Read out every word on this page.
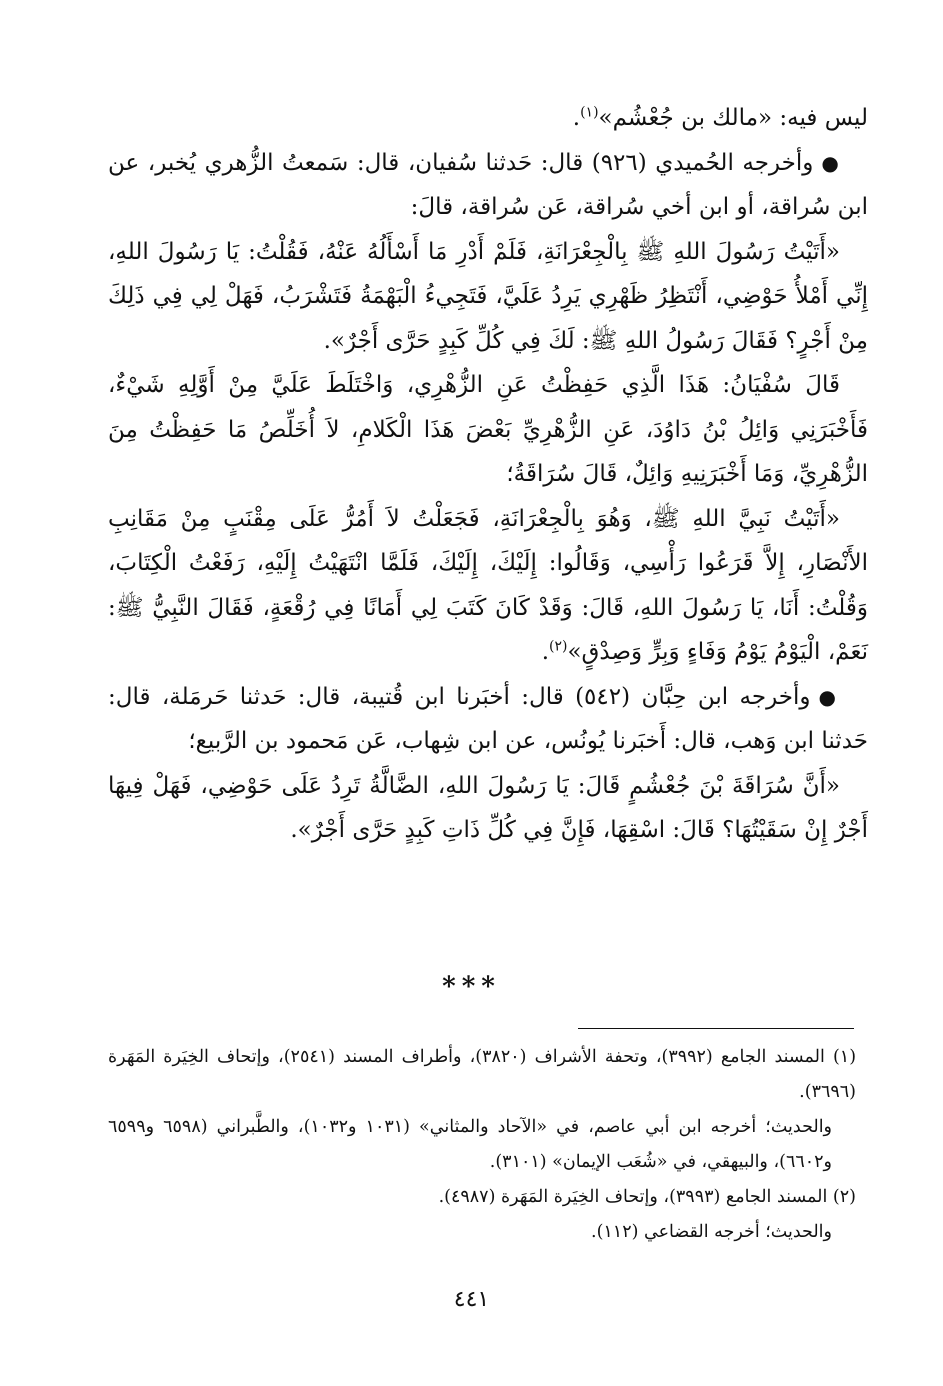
ليس فيه: «مالك بن جُعْشُم»$^{(١)}$.

●وأخرجه الحُميدي (٩٢٦) قال: حَدثنا سُفيان، قال: سَمعتُ الزُّهري يُخبر، عن ابن سُراقة، أو ابن أخي سُراقة، عَن سُراقة، قالَ:

«أَتَيْتُ رَسُولَ اللهِ ﷺ بِالْجِعْرَانَةِ، فَلَمْ أَدْرِ مَا أَسْأَلُهُ عَنْهُ، فَقُلْتُ: يَا رَسُولَ اللهِ، إِنِّي أَمْلأُ حَوْضِي، أَنْتَظِرُ ظَهْرِي يَرِدُ عَلَيَّ، فَتَجِيءُ الْبَهْمَةُ فَتَشْرَبُ، فَهَلْ لِي فِي ذَلِكَ مِنْ أَجْرٍ؟ فَقَالَ رَسُولُ اللهِ ﷺ: لَكَ فِي كُلِّ كَبِدٍ حَرَّى أَجْرٌ».

قَالَ سُفْيَانُ: هَذَا الَّذِي حَفِظْتُ عَنِ الزُّهْرِي، وَاخْتَلَطَ عَلَيَّ مِنْ أَوَّلِهِ شَيْءٌ، فَأَخْبَرَنِي وَائِلُ بْنُ دَاوُدَ، عَنِ الزُّهْرِيِّ بَعْضَ هَذَا الْكَلامِ، لاَ أُخَلِّصُ مَا حَفِظْتُ مِنَ الزُّهْرِيِّ، وَمَا أَخْبَرَنِيهِ وَائِلٌ، قَالَ سُرَاقَةُ؛

«أَتَيْتُ نَبِيَّ اللهِ ﷺ، وَهُوَ بِالْجِعْرَانَةِ، فَجَعَلْتُ لاَ أَمُرُّ عَلَى مِقْنَبٍ مِنْ مَقَانِبِ الأَنْصَارِ، إِلاَّ قَرَعُوا رَأْسِي، وَقَالُوا: إِلَيْكَ، إِلَيْكَ، فَلَمَّا انْتَهَيْتُ إِلَيْهِ، رَفَعْتُ الْكِتَابَ، وَقُلْتُ: أَنَا، يَا رَسُولَ اللهِ، قَالَ: وَقَدْ كَانَ كَتَبَ لِي أَمَانًا فِي رُقْعَةٍ، فَقَالَ النَّبِيُّ ﷺ: نَعَمْ، الْيَوْمُ يَوْمُ وَفَاءٍ وَبِرٍّ وَصِدْقٍ»$^{(٢)}$.

●وأخرجه ابن حِبَّان (٥٤٢) قال: أخبَرنا ابن قُتيبة، قال: حَدثنا حَرمَلة، قال: حَدثنا ابن وَهب، قال: أَخبَرنا يُونُس، عن ابن شِهاب، عَن مَحمود بن الرَّبيع؛

«أَنَّ سُرَاقَةَ بْنَ جُعْشُمٍ قَالَ: يَا رَسُولَ اللهِ، الضَّالَّةُ تَرِدُ عَلَى حَوْضِي، فَهَلْ فِيهَا أَجْرٌ إِنْ سَقَيْتُهَا؟ قَالَ: اسْقِهَا، فَإِنَّ فِي كُلِّ ذَاتِ كَبِدٍ حَرَّى أَجْرٌ».

***

(١) المسند الجامع (٣٩٩٢)، وتحفة الأشراف (٣٨٢٠)، وأطراف المسند (٢٥٤١)، وإتحاف الخِيَرة المَهَرة (٣٦٩٦).

والحديث؛ أخرجه ابن أبي عاصم، في «الآحاد والمثاني» (١٠٣١ و١٠٣٢)، والطَّبراني (٦٥٩٨ و٦٥٩٩ و٦٦٠٢)، والبيهقي، في «شُعَب الإيمان» (٣١٠١).

(٢) المسند الجامع (٣٩٩٣)، وإتحاف الخِيَرة المَهَرة (٤٩٨٧).

والحديث؛ أخرجه القضاعي (١١٢).

٤٤١
